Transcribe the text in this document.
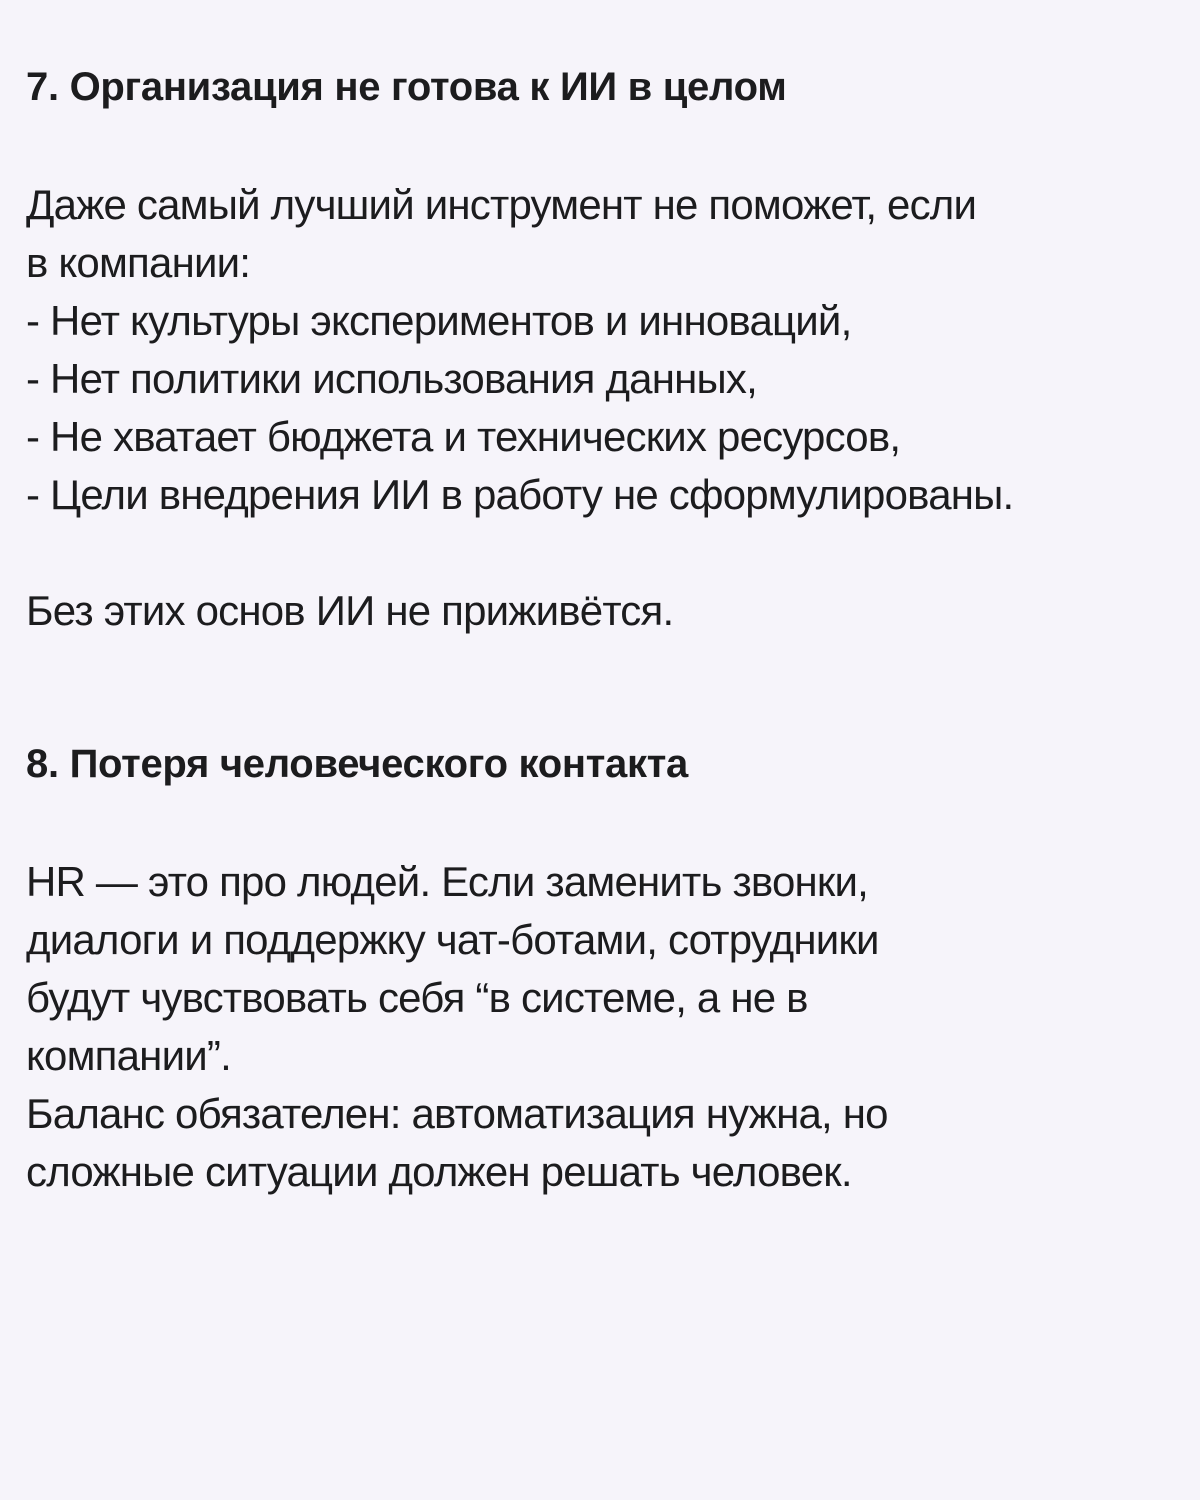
7. Организация не готова к ИИ в целом
Даже самый лучший инструмент не поможет, если
в компании:
- Нет культуры экспериментов и инноваций,
- Нет политики использования данных,
- Не хватает бюджета и технических ресурсов,
- Цели внедрения ИИ в работу не сформулированы.
Без этих основ ИИ не приживётся.
8. Потеря человеческого контакта
HR — это про людей. Если заменить звонки,
диалоги и поддержку чат-ботами, сотрудники
будут чувствовать себя “в системе, а не в
компании”.
Баланс обязателен: автоматизация нужна, но
сложные ситуации должен решать человек.
